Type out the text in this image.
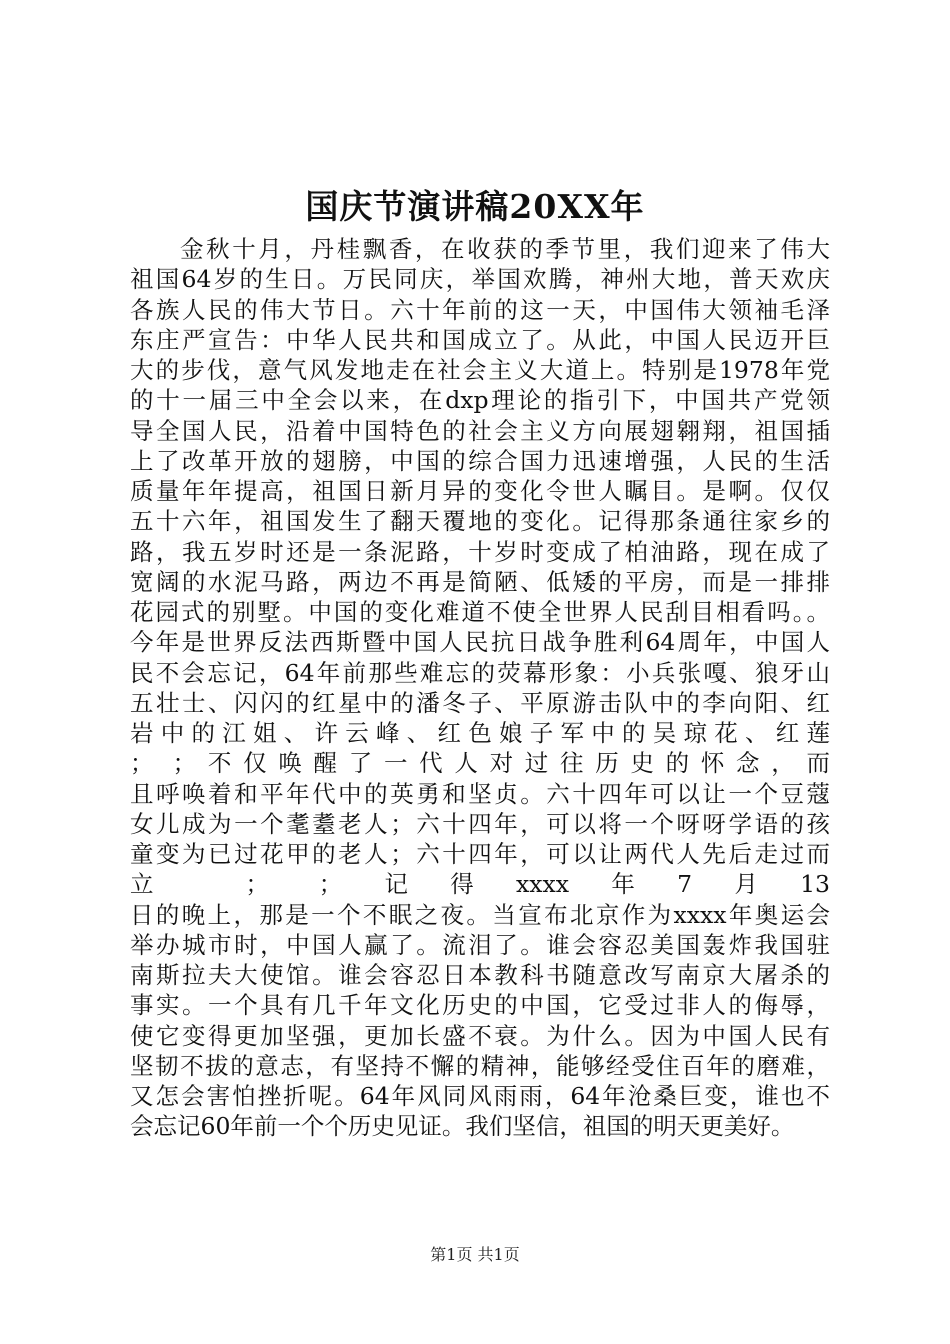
国庆节演讲稿20XX年
金秋十月，丹桂飘香，在收获的季节里，我们迎来了伟大
祖国64岁的生日。万民同庆，举国欢腾，神州大地，普天欢庆
各族人民的伟大节日。六十年前的这一天，中国伟大领袖毛泽
东庄严宣告：中华人民共和国成立了。从此，中国人民迈开巨
大的步伐，意气风发地走在社会主义大道上。特别是1978年党
的十一届三中全会以来，在dxp理论的指引下，中国共产党领
导全国人民，沿着中国特色的社会主义方向展翅翱翔，祖国插
上了改革开放的翅膀，中国的综合国力迅速增强，人民的生活
质量年年提高，祖国日新月异的变化令世人瞩目。是啊。仅仅
五十六年，祖国发生了翻天覆地的变化。记得那条通往家乡的
路，我五岁时还是一条泥路，十岁时变成了柏油路，现在成了
宽阔的水泥马路，两边不再是简陋、低矮的平房，而是一排排
花园式的别墅。中国的变化难道不使全世界人民刮目相看吗。。
今年是世界反法西斯暨中国人民抗日战争胜利64周年，中国人
民不会忘记，64年前那些难忘的荧幕形象：小兵张嘎、狼牙山
五壮士、闪闪的红星中的潘冬子、平原游击队中的李向阳、红
岩中的江姐、许云峰、红色娘子军中的吴琼花、红莲
； ；不仅唤醒了一代人对过往历史的怀念，而
且呼唤着和平年代中的英勇和坚贞。六十四年可以让一个豆蔻
女儿成为一个耄耋老人；六十四年，可以将一个呀呀学语的孩
童变为已过花甲的老人；六十四年，可以让两代人先后走过而
立 ； ；记得xxxx年7月13
日的晚上，那是一个不眠之夜。当宣布北京作为xxxx年奥运会
举办城市时，中国人赢了。流泪了。谁会容忍美国轰炸我国驻
南斯拉夫大使馆。谁会容忍日本教科书随意改写南京大屠杀的
事实。一个具有几千年文化历史的中国，它受过非人的侮辱，
使它变得更加坚强，更加长盛不衰。为什么。因为中国人民有
坚韧不拔的意志，有坚持不懈的精神，能够经受住百年的磨难，
又怎会害怕挫折呢。64年风同风雨雨，64年沧桑巨变，谁也不
会忘记60年前一个个历史见证。我们坚信，祖国的明天更美好。
第1页 共1页
